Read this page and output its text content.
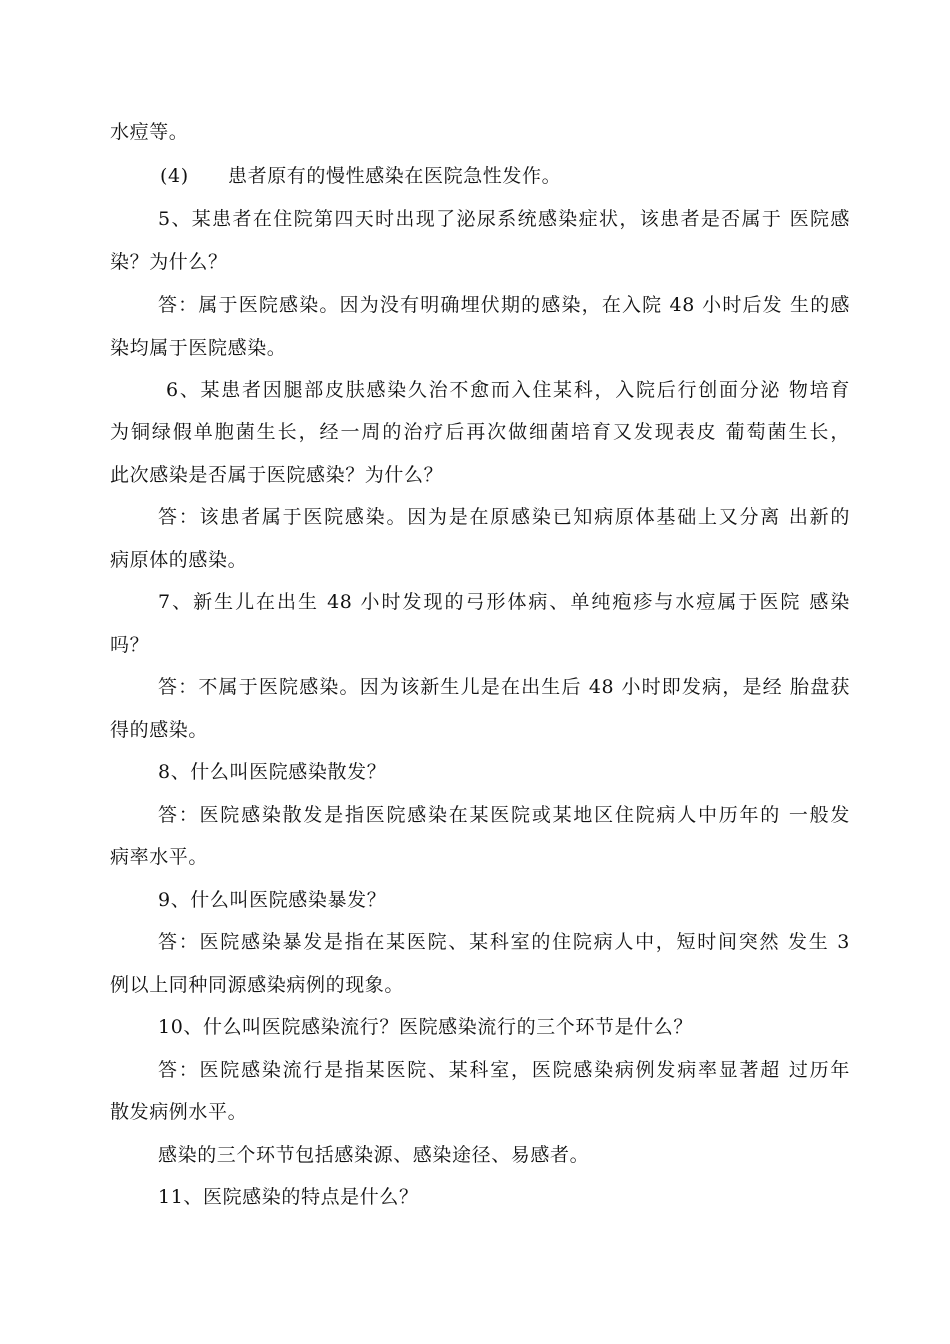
水痘等。
(4) 患者原有的慢性感染在医院急性发作。
5、某患者在住院第四天时出现了泌尿系统感染症状，该患者是否属于 医院感
染？为什么？
答：属于医院感染。因为没有明确埋伏期的感染，在入院 48 小时后发 生的感
染均属于医院感染。
6、某患者因腿部皮肤感染久治不愈而入住某科，入院后行创面分泌 物培育
为铜绿假单胞菌生长，经一周的治疗后再次做细菌培育又发现表皮 葡萄菌生长，
此次感染是否属于医院感染？为什么？
答：该患者属于医院感染。因为是在原感染已知病原体基础上又分离 出新的
病原体的感染。
7、新生儿在出生 48 小时发现的弓形体病、单纯疱疹与水痘属于医院 感染
吗？
答：不属于医院感染。因为该新生儿是在出生后 48 小时即发病，是经 胎盘获
得的感染。
8、什么叫医院感染散发？
答：医院感染散发是指医院感染在某医院或某地区住院病人中历年的 一般发
病率水平。
9、什么叫医院感染暴发？
答：医院感染暴发是指在某医院、某科室的住院病人中，短时间突然 发生 3
例以上同种同源感染病例的现象。
10、什么叫医院感染流行？医院感染流行的三个环节是什么？
答：医院感染流行是指某医院、某科室，医院感染病例发病率显著超 过历年
散发病例水平。
感染的三个环节包括感染源、感染途径、易感者。
11、医院感染的特点是什么？
